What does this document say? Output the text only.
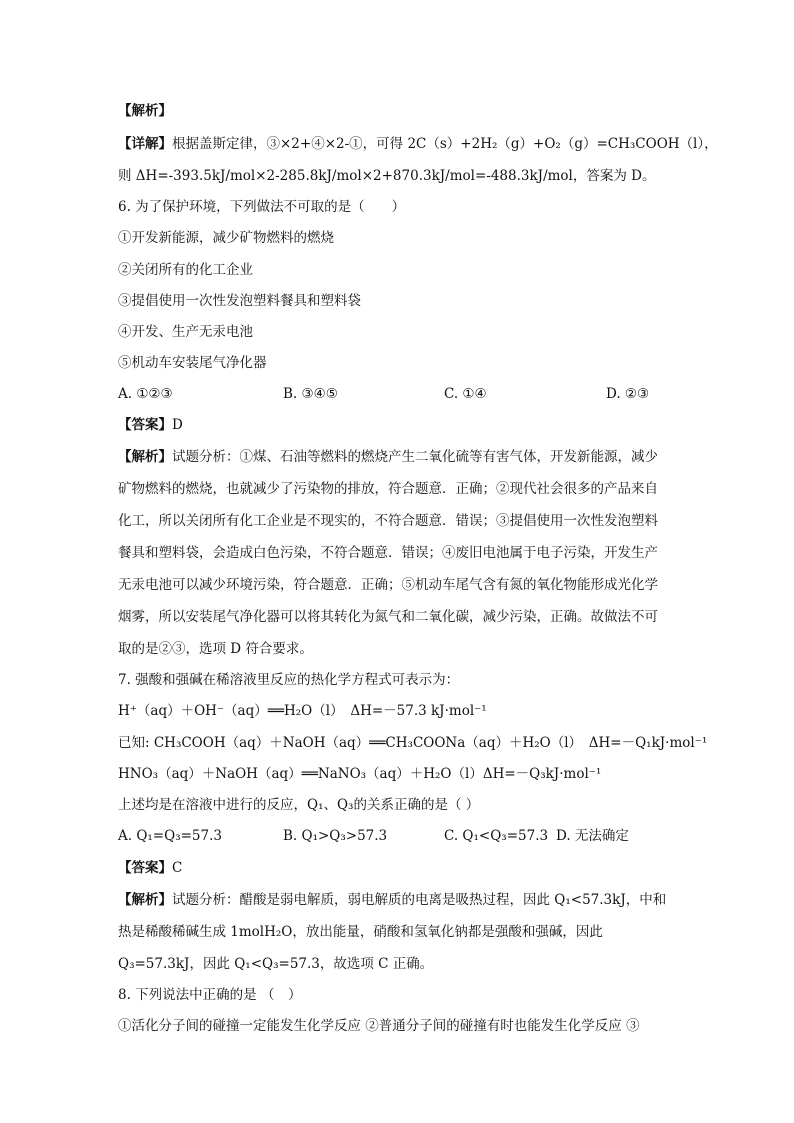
【解析】

【详解】根据盖斯定律，③×2+④×2-①，可得 2C（s）+2H₂（g）+O₂（g）=CH₃COOH（l），

则 ΔH=-393.5kJ/mol×2-285.8kJ/mol×2+870.3kJ/mol=-488.3kJ/mol，答案为 D。

6. 为了保护环境，下列做法不可取的是（　　）

①开发新能源，减少矿物燃料的燃烧

②关闭所有的化工企业

③提倡使用一次性发泡塑料餐具和塑料袋

④开发、生产无汞电池

⑤机动车安装尾气净化器

A. ①②③	B. ③④⑤	C. ①④	D. ②③

【答案】D

【解析】试题分析：①煤、石油等燃料的燃烧产生二氧化硫等有害气体，开发新能源，减少

矿物燃料的燃烧，也就减少了污染物的排放，符合题意．正确；②现代社会很多的产品来自

化工，所以关闭所有化工企业是不现实的，不符合题意．错误；③提倡使用一次性发泡塑料

餐具和塑料袋，会造成白色污染，不符合题意．错误；④废旧电池属于电子污染，开发生产

无汞电池可以减少环境污染，符合题意．正确；⑤机动车尾气含有氮的氧化物能形成光化学

烟雾，所以安装尾气净化器可以将其转化为氮气和二氧化碳，减少污染，正确。故做法不可

取的是②③，选项 D 符合要求。

7. 强酸和强碱在稀溶液里反应的热化学方程式可表示为：

H⁺（aq）＋OH⁻（aq）══H₂O（l）　ΔH=－57.3 kJ·mol⁻¹

已知: CH₃COOH（aq）＋NaOH（aq）══CH₃COONa（aq）＋H₂O（l）　ΔH=－Q₁kJ·mol⁻¹

HNO₃（aq）＋NaOH（aq）══NaNO₃（aq）＋H₂O（l）ΔH=－Q₃kJ·mol⁻¹

上述均是在溶液中进行的反应，Q₁、Q₃的关系正确的是（ ）

A. Q₁=Q₃=57.3	B. Q₁>Q₃>57.3	C. Q₁<Q₃=57.3 D. 无法确定

【答案】C

【解析】试题分析：醋酸是弱电解质，弱电解质的电离是吸热过程，因此 Q₁<57.3kJ，中和

热是稀酸稀碱生成 1molH₂O，放出能量，硝酸和氢氧化钠都是强酸和强碱，因此

Q₃=57.3kJ，因此 Q₁<Q₃=57.3，故选项 C 正确。

8. 下列说法中正确的是 （　）

①活化分子间的碰撞一定能发生化学反应 ②普通分子间的碰撞有时也能发生化学反应 ③
